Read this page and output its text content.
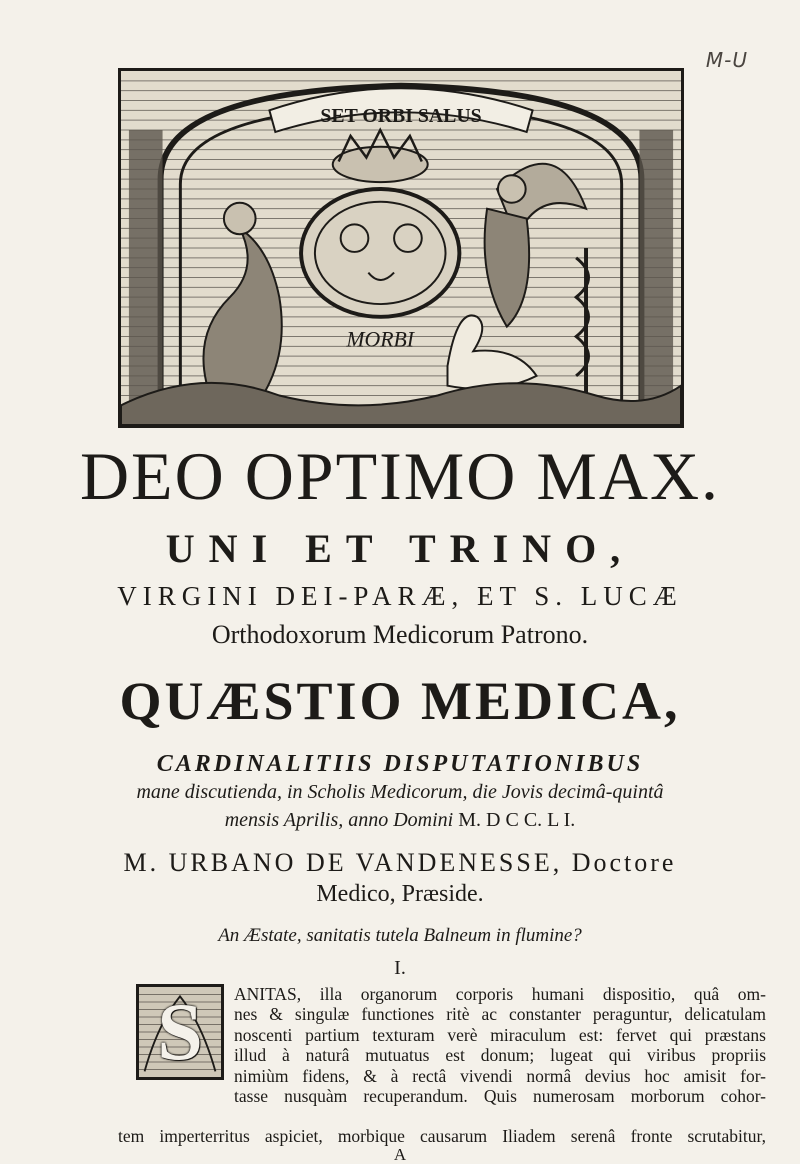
M-U
SET ORBI SALUS
MORBI
DEO OPTIMO MAX.
UNI ET TRINO,
VIRGINI DEI-PARÆ, ET S. LUCÆ
Orthodoxorum Medicorum Patrono.
QUÆSTIO MEDICA,
CARDINALITIIS DISPUTATIONIBUS
mane discutienda, in Scholis Medicorum, die Jovis decimâ-quintâ
mensis Aprilis, anno Domini M. D C C. L I.
M. URBANO DE VANDENESSE, Doctore
Medico, Præside.
An Æstate, sanitatis tutela Balneum in flumine?
I.
S ANITAS, illa organorum corporis humani dispositio, quâ om-
nes & singulæ functiones ritè ac constanter peraguntur, delicatulam
noscenti partium texturam verè miraculum est: fervet qui præstans
illud à naturâ mutuatus est donum; lugeat qui viribus propriis
nimiùm fidens, & à rectâ vivendi normâ devius hoc amisit for-
tasse nusquàm recuperandum. Quis numerosam morborum cohor-
tem imperterritus aspiciet, morbique causarum Iliadem serenâ fronte scrutabitur,
A
